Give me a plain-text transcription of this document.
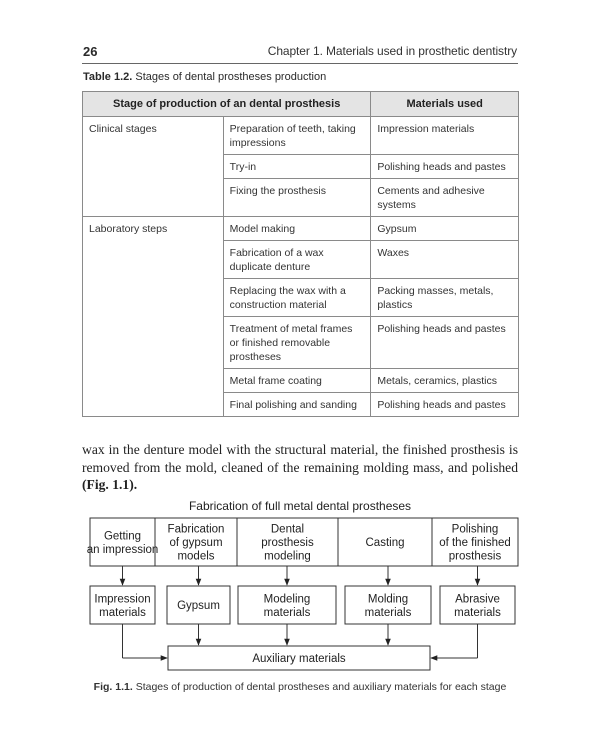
26	Chapter 1. Materials used in prosthetic dentistry
Table 1.2. Stages of dental prostheses production
Stage of production of an dental prosthesis		Materials used
Clinical stages	Preparation of teeth, taking impressions	Impression materials
	Try-in	Polishing heads and pastes
	Fixing the prosthesis	Cements and adhesive systems
Laboratory steps	Model making	Gypsum
	Fabrication of a wax duplicate denture	Waxes
	Replacing the wax with a construction material	Packing masses, metals, plastics
	Treatment of metal frames or finished removable prostheses	Polishing heads and pastes
	Metal frame coating	Metals, ceramics, plastics
	Final polishing and sanding	Polishing heads and pastes
wax in the denture model with the structural material, the finished prosthesis is removed from the mold, cleaned of the remaining molding mass, and polished (Fig. 1.1).
Fabrication of full metal dental prostheses
Getting an impression
Fabrication of gypsum models
Dental prosthesis modeling
Casting
Polishing of the finished prosthesis
Impression materials
Gypsum
Modeling materials
Molding materials
Abrasive materials
Auxiliary materials
Fig. 1.1. Stages of production of dental prostheses and auxiliary materials for each stage
